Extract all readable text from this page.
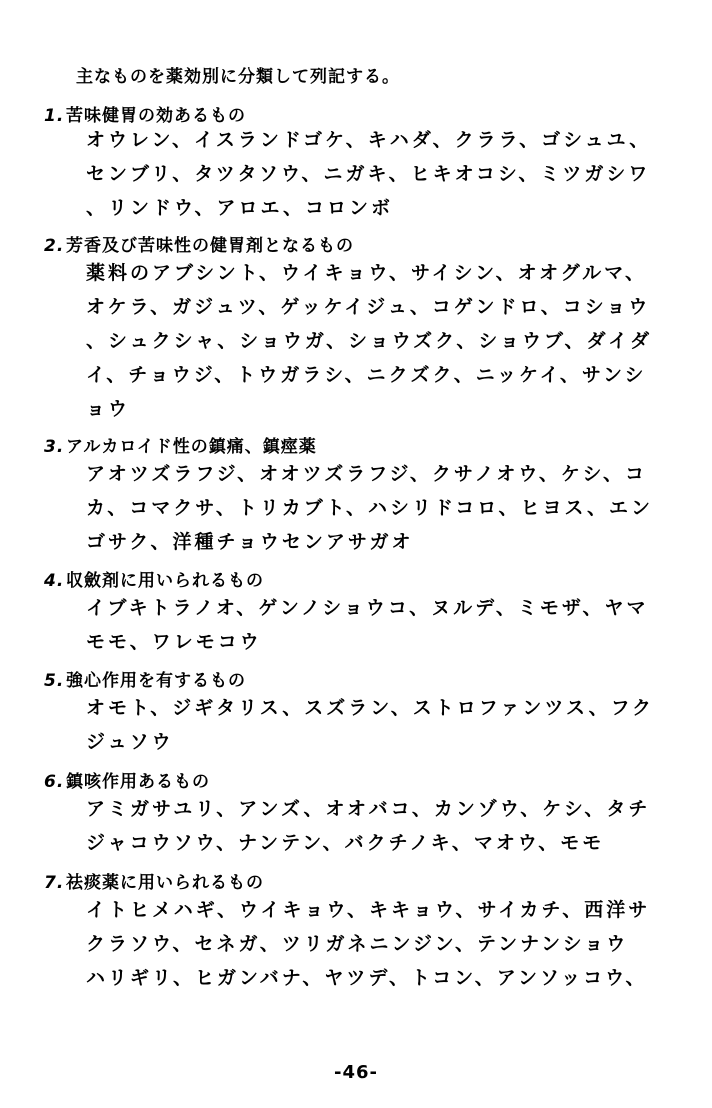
主なものを薬効別に分類して列記する。
1. 苦味健胃の効あるもの
オウレン、イスランドゴケ、キハダ、クララ、ゴシュユ、
センブリ、タツタソウ、ニガキ、ヒキオコシ、ミツガシワ
、リンドウ、アロエ、コロンボ
2. 芳香及び苦味性の健胃剤となるもの
薬料のアブシント、ウイキョウ、サイシン、オオグルマ、
オケラ、ガジュツ、ゲッケイジュ、コゲンドロ、コショウ
、シュクシャ、ショウガ、ショウズク、ショウブ、ダイダ
イ、チョウジ、トウガラシ、ニクズク、ニッケイ、サンシ
ョウ
3. アルカロイド性の鎮痛、鎮痙薬
アオツズラフジ、オオツズラフジ、クサノオウ、ケシ、コ
カ、コマクサ、トリカブト、ハシリドコロ、ヒヨス、エン
ゴサク、洋種チョウセンアサガオ
4. 収斂剤に用いられるもの
イブキトラノオ、ゲンノショウコ、ヌルデ、ミモザ、ヤマ
モモ、ワレモコウ
5. 強心作用を有するもの
オモト、ジギタリス、スズラン、ストロファンツス、フク
ジュソウ
6. 鎮咳作用あるもの
アミガサユリ、アンズ、オオバコ、カンゾウ、ケシ、タチ
ジャコウソウ、ナンテン、バクチノキ、マオウ、モモ
7. 祛痰薬に用いられるもの
イトヒメハギ、ウイキョウ、キキョウ、サイカチ、西洋サ
クラソウ、セネガ、ツリガネニンジン、テンナンショウ
ハリギリ、ヒガンバナ、ヤツデ、トコン、アンソッコウ、
-46-
